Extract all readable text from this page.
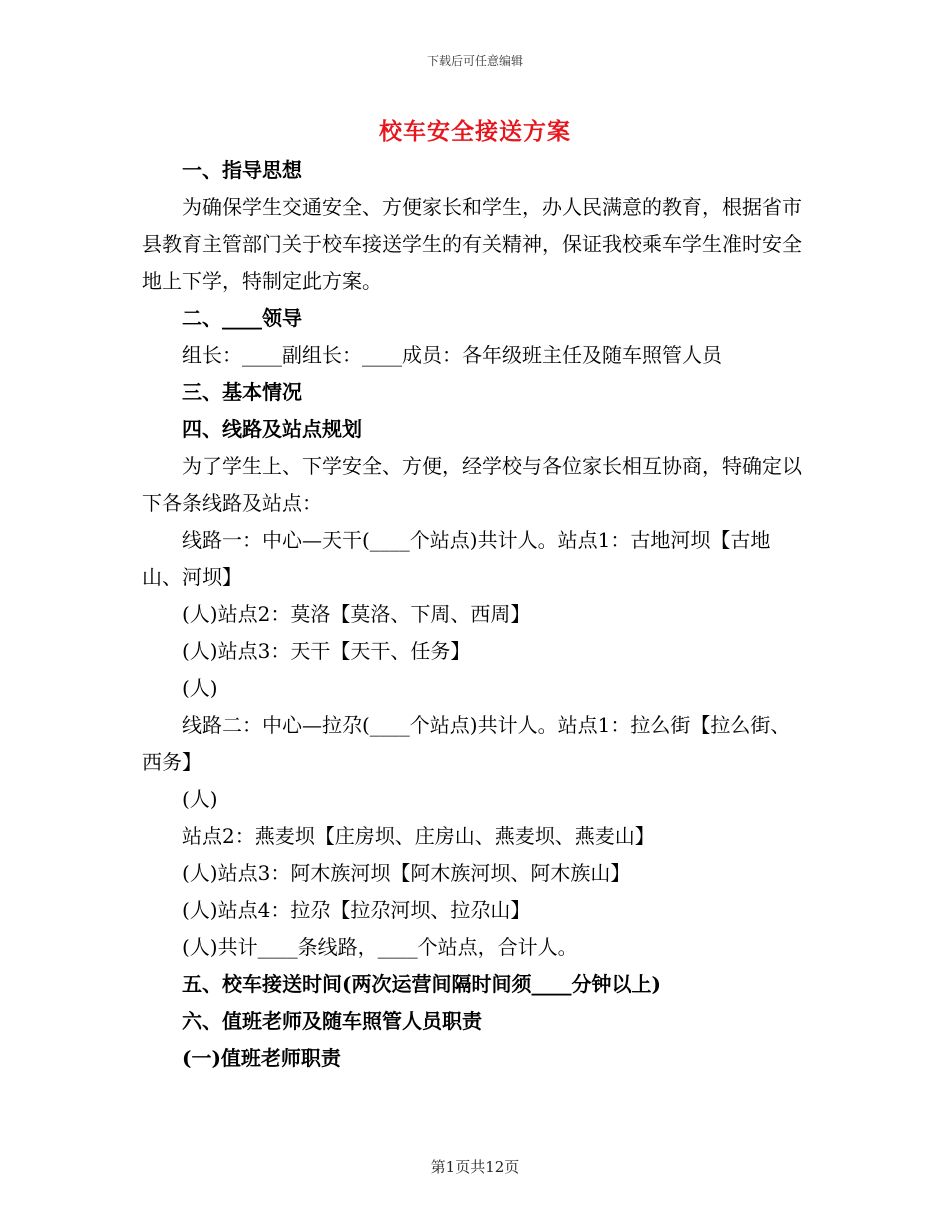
下载后可任意编辑
校车安全接送方案

一、指导思想

为确保学生交通安全、方便家长和学生，办人民满意的教育，根据省市县教育主管部门关于校车接送学生的有关精神，保证我校乘车学生准时安全地上下学，特制定此方案。

二、____领导

组长：____副组长：____成员：各年级班主任及随车照管人员

三、基本情况

四、线路及站点规划

为了学生上、下学安全、方便，经学校与各位家长相互协商，特确定以下各条线路及站点：

线路一：中心—天干(____个站点)共计人。站点1：古地河坝【古地山、河坝】

(人)站点2：莫洛【莫洛、下周、西周】

(人)站点3：天干【天干、任务】

(人)

线路二：中心—拉尕(____个站点)共计人。站点1：拉么街【拉么街、西务】

(人)

站点2：燕麦坝【庄房坝、庄房山、燕麦坝、燕麦山】

(人)站点3：阿木族河坝【阿木族河坝、阿木族山】

(人)站点4：拉尕【拉尕河坝、拉尕山】

(人)共计____条线路，____个站点，合计人。

五、校车接送时间(两次运营间隔时间须____分钟以上)

六、值班老师及随车照管人员职责

(一)值班老师职责

第1页共12页
